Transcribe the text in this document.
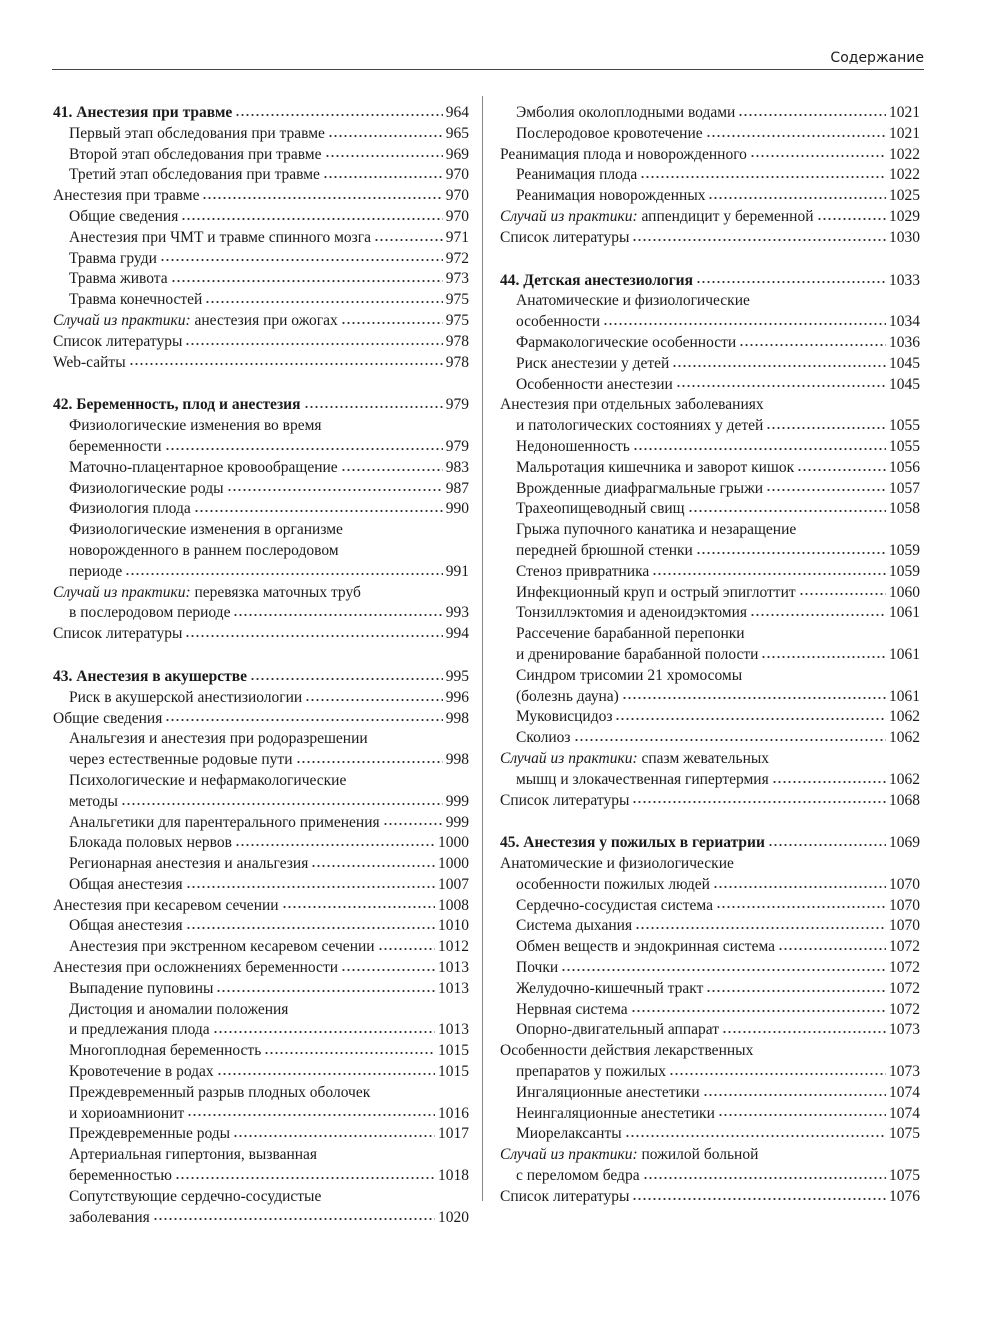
Содержание
41. Анестезия при травме	964
Первый этап обследования при травме	965
Второй этап обследования при травме	969
Третий этап обследования при травме	970
Анестезия при травме	970
Общие сведения	970
Анестезия при ЧМТ и травме спинного мозга	971
Травма груди	972
Травма живота	973
Травма конечностей	975
Случай из практики: анестезия при ожогах	975
Список литературы	978
Web-сайты	978
42. Беременность, плод и анестезия	979
Физиологические изменения во время
беременности	979
Маточно-плацентарное кровообращение	983
Физиологические роды	987
Физиология плода	990
Физиологические изменения в организме
новорожденного в раннем послеродовом
периоде	991
Случай из практики: перевязка маточных труб
в послеродовом периоде	993
Список литературы	994
43. Анестезия в акушерстве	995
Риск в акушерской анестизиологии	996
Общие сведения	998
Анальгезия и анестезия при родоразрешении
через естественные родовые пути	998
Психологические и нефармакологические
методы	999
Анальгетики для парентерального применения	999
Блокада половых нервов	1000
Регионарная анестезия и анальгезия	1000
Общая анестезия	1007
Анестезия при кесаревом сечении	1008
Общая анестезия	1010
Анестезия при экстренном кесаревом сечении	1012
Анестезия при осложнениях беременности	1013
Выпадение пуповины	1013
Дистоция и аномалии положения
и предлежания плода	1013
Многоплодная беременность	1015
Кровотечение в родах	1015
Преждевременный разрыв плодных оболочек
и хориоамнионит	1016
Преждевременные роды	1017
Артериальная гипертония, вызванная
беременностью	1018
Сопутствующие сердечно-сосудистые
заболевания	1020
Эмболия околоплодными водами	1021
Послеродовое кровотечение	1021
Реанимация плода и новорожденного	1022
Реанимация плода	1022
Реанимация новорожденных	1025
Случай из практики: аппендицит у беременной	1029
Список литературы	1030
44. Детская анестезиология	1033
Анатомические и физиологические
особенности	1034
Фармакологические особенности	1036
Риск анестезии у детей	1045
Особенности анестезии	1045
Анестезия при отдельных заболеваниях
и патологических состояниях у детей	1055
Недоношенность	1055
Мальротация кишечника и заворот кишок	1056
Врожденные диафрагмальные грыжи	1057
Трахеопищеводный свищ	1058
Грыжа пупочного канатика и незаращение
передней брюшной стенки	1059
Стеноз привратника	1059
Инфекционный круп и острый эпиглоттит	1060
Тонзиллэктомия и аденоидэктомия	1061
Рассечение барабанной перепонки
и дренирование барабанной полости	1061
Синдром трисомии 21 хромосомы
(болезнь дауна)	1061
Муковисцидоз	1062
Сколиоз	1062
Случай из практики: спазм жевательных
мышц и злокачественная гипертермия	1062
Список литературы	1068
45. Анестезия у пожилых в гериатрии	1069
Анатомические и физиологические
особенности пожилых людей	1070
Сердечно-сосудистая система	1070
Система дыхания	1070
Обмен веществ и эндокринная система	1072
Почки	1072
Желудочно-кишечный тракт	1072
Нервная система	1072
Опорно-двигательный аппарат	1073
Особенности действия лекарственных
препаратов у пожилых	1073
Ингаляционные анестетики	1074
Неингаляционные анестетики	1074
Миорелаксанты	1075
Случай из практики: пожилой больной
с переломом бедра	1075
Список литературы	1076
